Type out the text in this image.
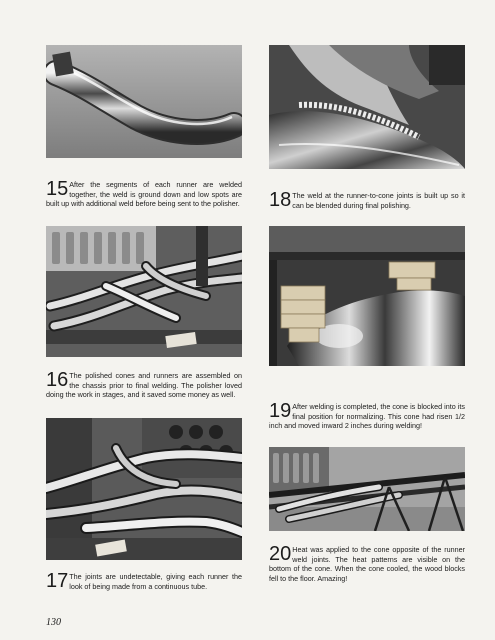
15 After the segments of each runner are welded together, the weld is ground down and low spots are built up with additional weld before being sent to the polisher.
16 The polished cones and runners are assembled on the chassis prior to final welding. The polisher loved doing the work in stages, and it saved some money as well.
17 The joints are undetectable, giving each runner the look of being made from a continuous tube.
18 The weld at the runner-to-cone joints is built up so it can be blended during final polishing.
19 After welding is completed, the cone is blocked into its final position for normalizing. This cone had risen 1/2 inch and moved inward 2 inches during welding!
20 Heat was applied to the cone opposite of the runner weld joints. The heat patterns are visible on the bottom of the cone. When the cone cooled, the wood blocks fell to the floor. Amazing!
130
